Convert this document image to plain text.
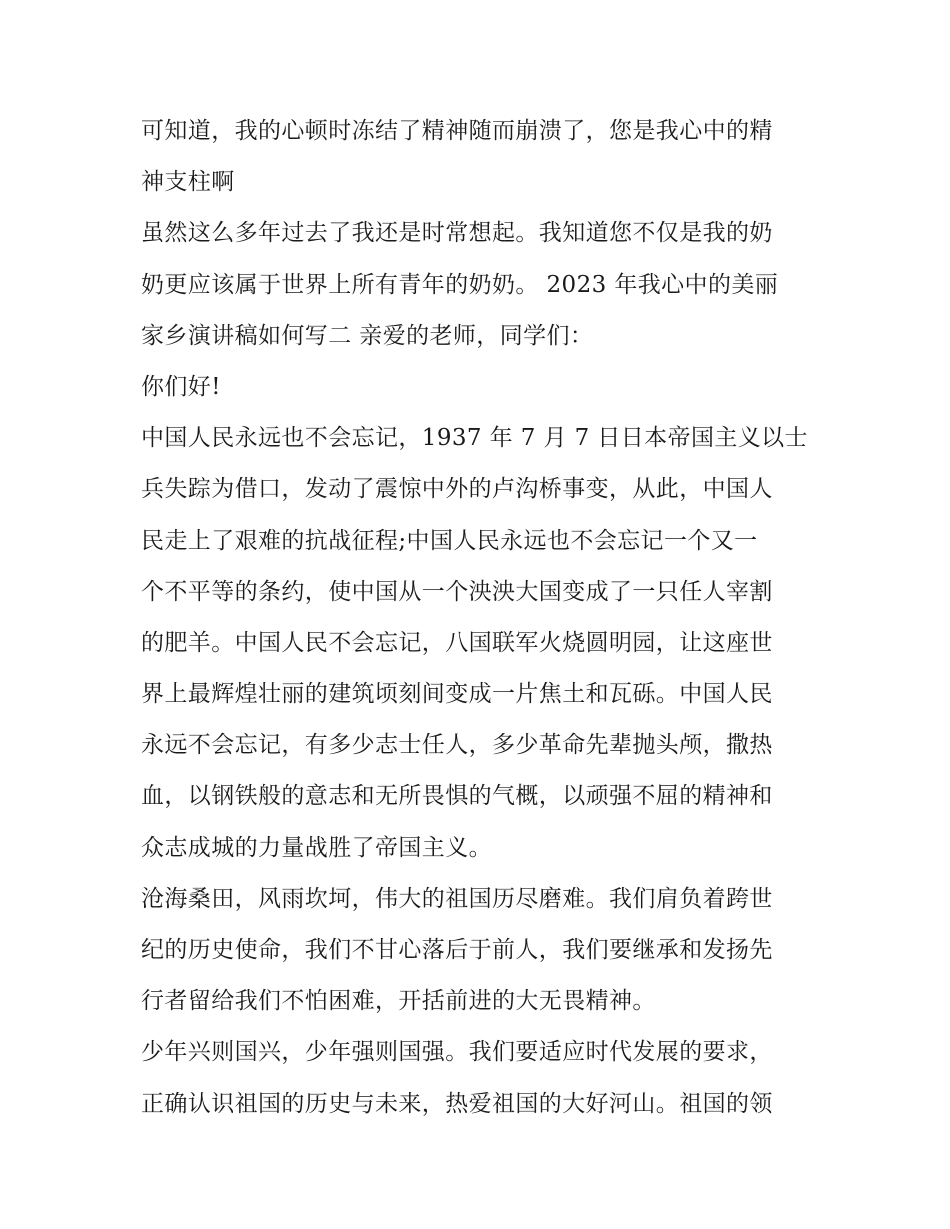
可知道，我的心顿时冻结了精神随而崩溃了，您是我心中的精
神支柱啊

虽然这么多年过去了我还是时常想起。我知道您不仅是我的奶
奶更应该属于世界上所有青年的奶奶。 2023 年我心中的美丽
家乡演讲稿如何写二 亲爱的老师，同学们：

你们好!

中国人民永远也不会忘记，1937 年 7 月 7 日日本帝国主义以士
兵失踪为借口，发动了震惊中外的卢沟桥事变，从此，中国人
民走上了艰难的抗战征程;中国人民永远也不会忘记一个又一
个不平等的条约，使中国从一个泱泱大国变成了一只任人宰割
的肥羊。中国人民不会忘记，八国联军火烧圆明园，让这座世
界上最辉煌壮丽的建筑顷刻间变成一片焦土和瓦砾。中国人民
永远不会忘记，有多少志士任人，多少革命先辈抛头颅，撒热
血，以钢铁般的意志和无所畏惧的气概，以顽强不屈的精神和
众志成城的力量战胜了帝国主义。

沧海桑田，风雨坎坷，伟大的祖国历尽磨难。我们肩负着跨世
纪的历史使命，我们不甘心落后于前人，我们要继承和发扬先
行者留给我们不怕困难，开括前进的大无畏精神。

少年兴则国兴，少年强则国强。我们要适应时代发展的要求，
正确认识祖国的历史与未来，热爱祖国的大好河山。祖国的领
